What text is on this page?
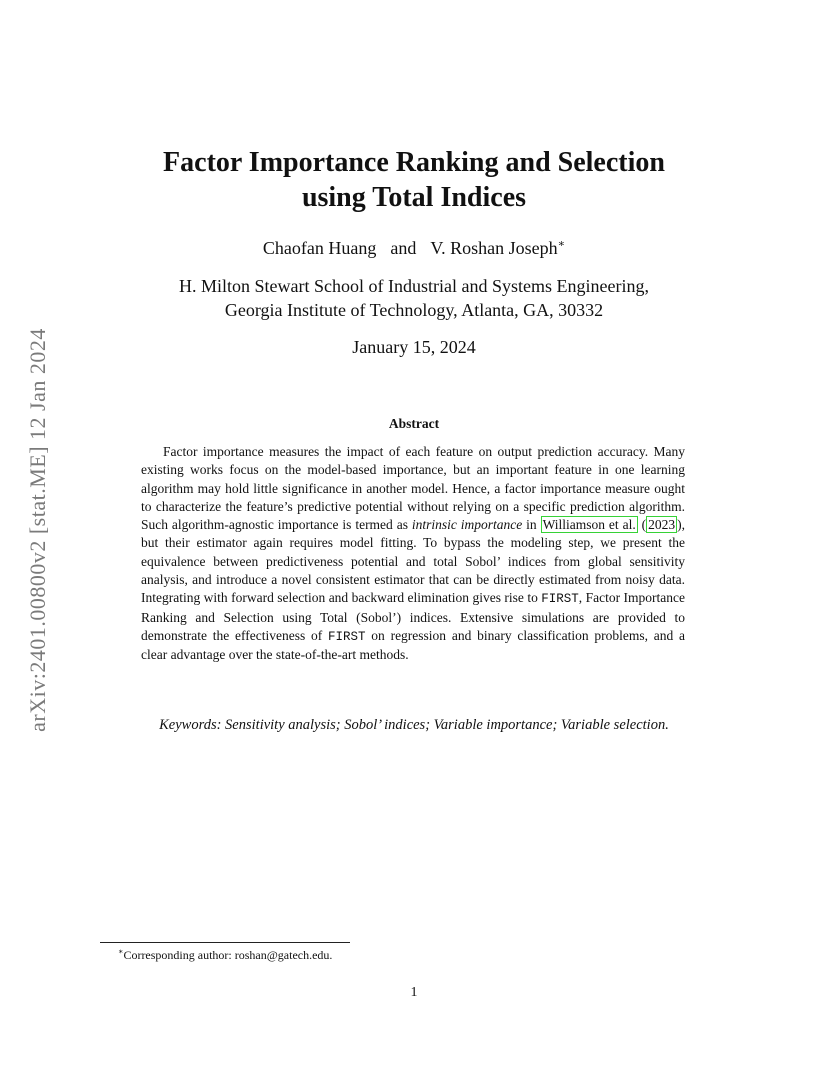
arXiv:2401.00800v2 [stat.ME] 12 Jan 2024
Factor Importance Ranking and Selection
using Total Indices
Chaofan Huang and V. Roshan Joseph∗
H. Milton Stewart School of Industrial and Systems Engineering,
Georgia Institute of Technology, Atlanta, GA, 30332
January 15, 2024
Abstract

Factor importance measures the impact of each feature on output prediction accuracy. Many existing works focus on the model-based importance, but an important feature in one learning algorithm may hold little significance in another model. Hence, a factor importance measure ought to characterize the feature’s predictive potential without relying on a specific prediction algorithm. Such algorithm-agnostic importance is termed as intrinsic importance in Williamson et al. ( 2023 ), but their estimator again requires model fitting. To bypass the modeling step, we present the equivalence between predictiveness potential and total Sobol’ indices from global sensitivity analysis, and introduce a novel consistent estimator that can be directly estimated from noisy data. Integrating with forward selection and backward elimination gives rise to FIRST, Factor Importance Ranking and Selection using Total (Sobol’) indices. Extensive simulations are provided to demonstrate the effectiveness of FIRST on regression and binary classification problems, and a clear advantage over the state-of-the-art methods.

Keywords: Sensitivity analysis; Sobol’ indices; Variable importance; Variable selection.
∗Corresponding author: roshan@gatech.edu.
1
